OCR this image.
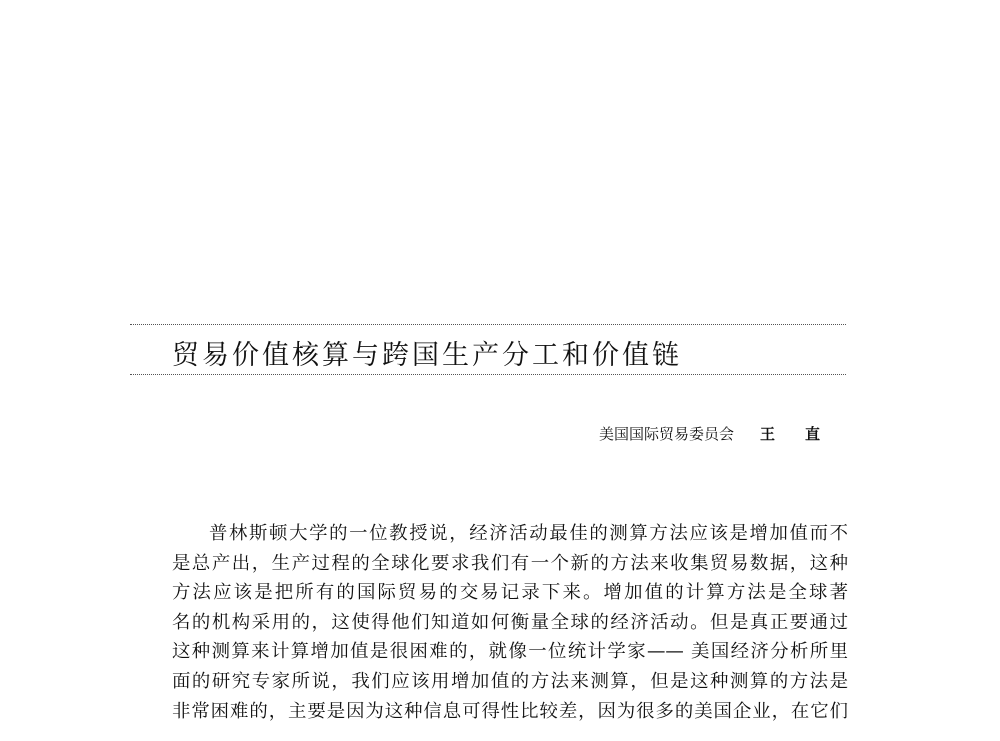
贸易价值核算与跨国生产分工和价值链
美国国际贸易委员会 王直
普林斯顿大学的一位教授说，经济活动最佳的测算方法应该是增加值而不
是总产出，生产过程的全球化要求我们有一个新的方法来收集贸易数据，这种
方法应该是把所有的国际贸易的交易记录下来。增加值的计算方法是全球著
名的机构采用的，这使得他们知道如何衡量全球的经济活动。但是真正要通过
这种测算来计算增加值是很困难的，就像一位统计学家—— 美国经济分析所里
面的研究专家所说，我们应该用增加值的方法来测算，但是这种测算的方法是
非常困难的，主要是因为这种信息可得性比较差，因为很多的美国企业，在它们
